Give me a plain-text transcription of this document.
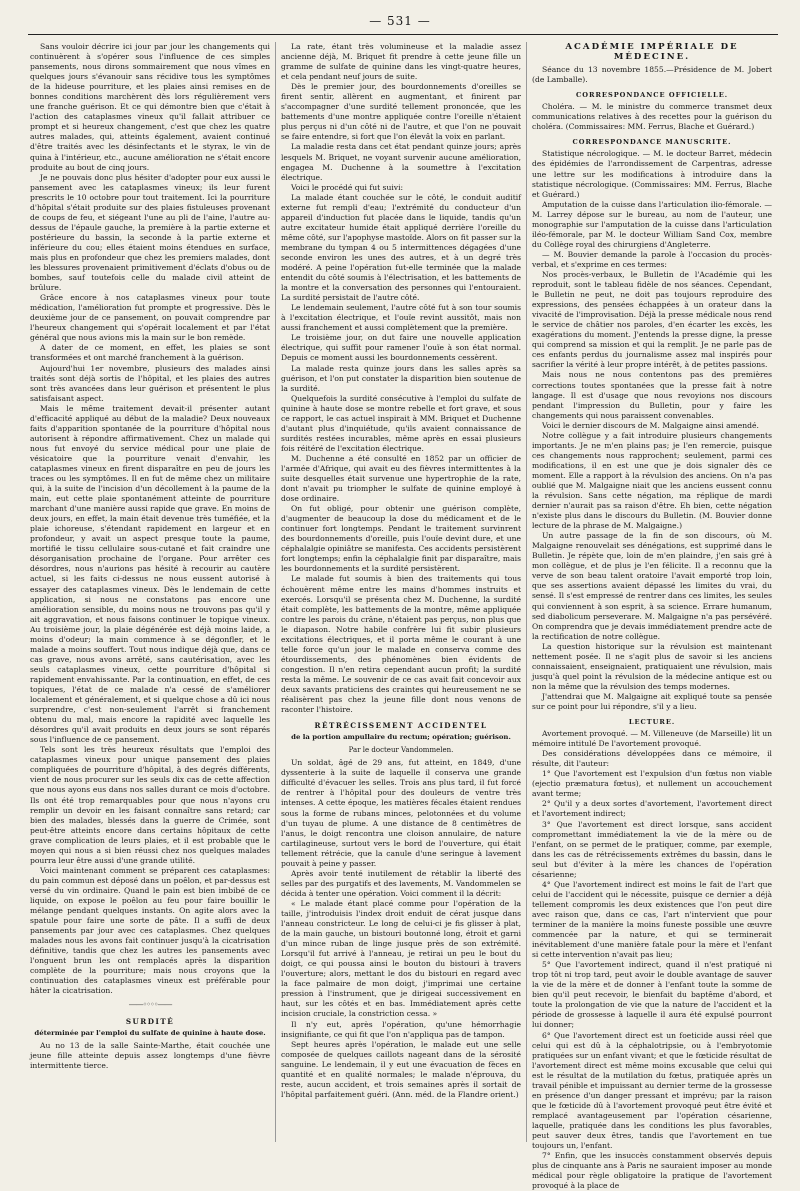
— 531 —

Sans vouloir décrire ici jour par jour les changements qui continuèrent à s'opérer sous l'influence de ces simples pansements, nous dirons sommairement que nous vîmes en quelques jours s'évanouir sans récidive tous les symptômes de la hideuse pourriture, et les plaies ainsi remises en de bonnes conditions marchèrent dès lors régulièrement vers une franche guérison. Et ce qui démontre bien que c'était à l'action des cataplasmes vineux qu'il fallait attribuer ce prompt et si heureux changement, c'est que chez les quatre autres malades, qui, atteints également, avaient continué d'être traités avec les désinfectants et le styrax, le vin de quina à l'intérieur, etc., aucune amélioration ne s'était encore produite au bout de cinq jours.

Je ne pouvais donc plus hésiter d'adopter pour eux aussi le pansement avec les cataplasmes vineux; ils leur furent prescrits le 10 octobre pour tout traitement. Ici la pourriture d'hôpital s'était produite sur des plaies fistuleuses provenant de coups de feu, et siégeant l'une au pli de l'aine, l'autre au-dessus de l'épaule gauche, la première à la partie externe et postérieure du bassin, la seconde à la partie externe et inférieure du cou; elles étaient moins étendues en surface, mais plus en profondeur que chez les premiers malades, dont les blessures provenaient primitivement d'éclats d'obus ou de bombes, sauf toutefois celle du malade civil atteint de brûlure.

Grâce encore à nos cataplasmes vineux pour toute médication, l'amélioration fut prompte et progressive. Dès le deuxième jour de ce pansement, on pouvait comprendre par l'heureux changement qui s'opérait localement et par l'état général que nous avions mis la main sur le bon remède.

A dater de ce moment, en effet, les plaies se sont transformées et ont marché franchement à la guérison.

Aujourd'hui 1er novembre, plusieurs des malades ainsi traités sont déjà sortis de l'hôpital, et les plaies des autres sont très avancées dans leur guérison et présentent le plus satisfaisant aspect.

Mais le même traitement devait-il présenter autant d'efficacité appliqué au début de la maladie? Deux nouveaux faits d'apparition spontanée de la pourriture d'hôpital nous autorisent à répondre affirmativement. Chez un malade qui nous fut envoyé du service médical pour une plaie de vésicatoire que la pourriture venait d'envahir, les cataplasmes vineux en firent disparaître en peu de jours les traces ou les symptômes. Il en fut de même chez un militaire qui, à la suite de l'incision d'un décollement à la paume de la main, eut cette plaie spontanément atteinte de pourriture marchant d'une manière aussi rapide que grave. En moins de deux jours, en effet, la main était devenue très tuméfiée, et la plaie ichoreuse, s'étendant rapidement en largeur et en profondeur, y avait un aspect presque toute la paume, mortifié le tissu cellulaire sous-cutané et fait craindre une désorganisation prochaine de l'organe. Pour arrêter ces désordres, nous n'aurions pas hésité à recourir au cautère actuel, si les faits ci-dessus ne nous eussent autorisé à essayer des cataplasmes vineux. Dès le lendemain de cette application, si nous ne constatons pas encore une amélioration sensible, du moins nous ne trouvons pas qu'il y ait aggravation, et nous faisons continuer le topique vineux. Au troisième jour, la plaie dégénérée est déjà moins laide, a moins d'odeur; la main commence à se dégonfler, et le malade a moins souffert. Tout nous indique déjà que, dans ce cas grave, nous avons arrêté, sans cautérisation, avec les seuls cataplasmes vineux, cette pourriture d'hôpital si rapidement envahissante. Par la continuation, en effet, de ces topiques, l'état de ce malade n'a cessé de s'améliorer localement et généralement, et si quelque chose a dû ici nous surprendre, c'est non-seulement l'arrêt si franchement obtenu du mal, mais encore la rapidité avec laquelle les désordres qu'il avait produits en deux jours se sont réparés sous l'influence de ce pansement.

Tels sont les très heureux résultats que l'emploi des cataplasmes vineux pour unique pansement des plaies compliquées de pourriture d'hôpital, à des degrés différents, vient de nous procurer sur les seuls dix cas de cette affection que nous ayons eus dans nos salles durant ce mois d'octobre. Ils ont été trop remarquables pour que nous n'ayons cru remplir un devoir en les faisant connaître sans retard; car bien des malades, blessés dans la guerre de Crimée, sont peut-être atteints encore dans certains hôpitaux de cette grave complication de leurs plaies, et il est probable que le moyen qui nous a si bien réussi chez nos quelques malades pourra leur être aussi d'une grande utilité.

Voici maintenant comment se préparent ces cataplasmes: du pain commun est déposé dans un poêlon, et par-dessus est versé du vin ordinaire. Quand le pain est bien imbibé de ce liquide, on expose le poêlon au feu pour faire bouillir le mélange pendant quelques instants. On agite alors avec la spatule pour faire une sorte de pâte. Il a suffi de deux pansements par jour avec ces cataplasmes. Chez quelques malades nous les avons fait continuer jusqu'à la cicatrisation définitive, tandis que chez les autres les pansements avec l'onguent brun les ont remplacés après la disparition complète de la pourriture; mais nous croyons que la continuation des cataplasmes vineux est préférable pour hâter la cicatrisation.

——◦◦◦◦——
SURDITÉ
déterminée par l'emploi du sulfate de quinine à haute dose.

Au no 13 de la salle Sainte-Marthe, était couchée une jeune fille atteinte depuis assez longtemps d'une fièvre intermittente tierce.

La rate, étant très volumineuse et la maladie assez ancienne déjà, M. Briquet fit prendre à cette jeune fille un gramme de sulfate de quinine dans les vingt-quatre heures, et cela pendant neuf jours de suite.

Dès le premier jour, des bourdonnements d'oreilles se firent sentir, allèrent en augmentant, et finirent par s'accompagner d'une surdité tellement prononcée, que les battements d'une montre appliquée contre l'oreille n'étaient plus perçus ni d'un côté ni de l'autre, et que l'on ne pouvait se faire entendre, si fort que l'on élevât la voix en parlant.

La maladie resta dans cet état pendant quinze jours; après lesquels M. Briquet, ne voyant survenir aucune amélioration, engagea M. Duchenne à la soumettre à l'excitation électrique.

Voici le procédé qui fut suivi:

La malade étant couchée sur le côté, le conduit auditif externe fut rempli d'eau; l'extrémité du conducteur d'un appareil d'induction fut placée dans le liquide, tandis qu'un autre excitateur humide était appliqué derrière l'oreille du même côté, sur l'apophyse mastoïde. Alors on fit passer sur la membrane du tympan 4 ou 5 intermittences dégagées d'une seconde environ les unes des autres, et à un degré très modéré. A peine l'opération fut-elle terminée que la malade entendit du côté soumis à l'électrisation, et les battements de la montre et la conversation des personnes qui l'entouraient. La surdité persistait de l'autre côté.

Le lendemain seulement, l'autre côté fut à son tour soumis à l'excitation électrique, et l'ouïe revint aussitôt, mais non aussi franchement et aussi complètement que la première.

Le troisième jour, on dut faire une nouvelle application électrique, qui suffit pour ramener l'ouïe à son état normal. Depuis ce moment aussi les bourdonnements cessèrent.

La malade resta quinze jours dans les salles après sa guérison, et l'on put constater la disparition bien soutenue de la surdité.

Quelquefois la surdité consécutive à l'emploi du sulfate de quinine à haute dose se montre rebelle et fort grave, et sous ce rapport, le cas actuel inspirait à MM. Briquet et Duchenne d'autant plus d'inquiétude, qu'ils avaient connaissance de surdités restées incurables, même après en essai plusieurs fois réitéré de l'excitation électrique.

M. Duchenne a été consulté en 1852 par un officier de l'armée d'Afrique, qui avait eu des fièvres intermittentes à la suite desquelles était survenue une hypertrophie de la rate, dont n'avait pu triompher le sulfate de quinine employé à dose ordinaire.

On fut obligé, pour obtenir une guérison complète, d'augmenter de beaucoup la dose du médicament et de le continuer fort longtemps. Pendant le traitement survinrent des bourdonnements d'oreille, puis l'ouïe devint dure, et une céphalalgie opiniâtre se manifesta. Ces accidents persistèrent fort longtemps; enfin la céphalalgie finit par disparaître, mais les bourdonnements et la surdité persistèrent.

Le malade fut soumis à bien des traitements qui tous échouèrent même entre les mains d'hommes instruits et exercés. Lorsqu'il se présenta chez M. Duchenne, la surdité était complète, les battements de la montre, même appliquée contre les parois du crâne, n'étaient pas perçus, non plus que le diapason. Notre habile confrère lui fit subir plusieurs excitations électriques, et il porta même le courant à une telle force qu'un jour le malade en conserva comme des étourdissements, des phénomènes bien évidents de congestion. Il n'en retira cependant aucun profit; la surdité resta la même. Le souvenir de ce cas avait fait concevoir aux deux savants praticiens des craintes qui heureusement ne se réalisèrent pas chez la jeune fille dont nous venons de raconter l'histoire.

RÉTRÉCISSEMENT ACCIDENTEL
de la portion ampullaire du rectum; opération; guérison.
Par le docteur Vandommelen.

Un soldat, âgé de 29 ans, fut atteint, en 1849, d'une dyssenterie à la suite de laquelle il conserva une grande difficulté d'évacuer les selles. Trois ans plus tard, il fut forcé de rentrer à l'hôpital pour des douleurs de ventre très intenses. A cette époque, les matières fécales étaient rendues sous la forme de rubans minces, pelotonnées et du volume d'un tuyau de plume. A une distance de 8 centimètres de l'anus, le doigt rencontra une cloison annulaire, de nature cartilagineuse, surtout vers le bord de l'ouverture, qui était tellement rétrécie, que la canule d'une seringue à lavement pouvait à peine y passer.

Après avoir tenté inutilement de rétablir la liberté des selles par des purgatifs et des lavements, M. Vandommelen se décida à tenter une opération. Voici comment il la décrit:

« Le malade étant placé comme pour l'opération de la taille, j'introduisis l'index droit enduit de cérat jusque dans l'anneau constricteur. Le long de celui-ci je fis glisser à plat, de la main gauche, un bistouri boutonné long, étroit et garni d'un mince ruban de linge jusque près de son extrémité. Lorsqu'il fut arrivé à l'anneau, je retirai un peu le bout du doigt, ce qui poussa ainsi le bouton du bistouri à travers l'ouverture; alors, mettant le dos du bistouri en regard avec la face palmaire de mon doigt, j'imprimai une certaine pression à l'instrument, que je dirigeai successivement en haut, sur les côtés et en bas. Immédiatement après cette incision cruciale, la constriction cessa. »

Il n'y eut, après l'opération, qu'une hémorrhagie insignifiante, ce qui fit que l'on n'appliqua pas de tampon.

Sept heures après l'opération, le malade eut une selle composée de quelques caillots nageant dans de la sérosité sanguine. Le lendemain, il y eut une évacuation de fèces en quantité et en qualité normales; le malade n'éprouva, du reste, aucun accident, et trois semaines après il sortait de l'hôpital parfaitement guéri. (Ann. méd. de la Flandre orient.)

ACADÉMIE IMPÉRIALE DE MÉDECINE.

Séance du 13 novembre 1855.—Présidence de M. Jobert (de Lamballe).

CORRESPONDANCE OFFICIELLE.

Choléra. — M. le ministre du commerce transmet deux communications relatives à des recettes pour la guérison du choléra. (Commissaires: MM. Ferrus, Blache et Guérard.)

CORRESPONDANCE MANUSCRITE.

Statistique nécrologique. — M. le docteur Barret, médecin des épidémies de l'arrondissement de Carpentras, adresse une lettre sur les modifications à introduire dans la statistique nécrologique. (Commissaires: MM. Ferrus, Blache et Guérard.)

Amputation de la cuisse dans l'articulation ilio-fémorale. — M. Larrey dépose sur le bureau, au nom de l'auteur, une monographie sur l'amputation de la cuisse dans l'articulation iléo-fémorale, par M. le docteur William Sand Cox, membre du Collège royal des chirurgiens d'Angleterre.

— M. Bouvier demande la parole à l'occasion du procès-verbal, et s'exprime en ces termes:

Nos procès-verbaux, le Bulletin de l'Académie qui les reproduit, sont le tableau fidèle de nos séances. Cependant, le Bulletin ne peut, ne doit pas toujours reproduire des expressions, des pensées échappées à un orateur dans la vivacité de l'improvisation. Déjà la presse médicale nous rend le service de châtier nos paroles, d'en écarter les excès, les exagérations du moment. J'entends la presse digne, la presse qui comprend sa mission et qui la remplit. Je ne parle pas de ces enfants perdus du journalisme assez mal inspirés pour sacrifier la vérité à leur propre intérêt, à de petites passions.

Mais nous ne nous contentons pas des premières corrections toutes spontanées que la presse fait à notre langage. Il est d'usage que nous revoyions nos discours pendant l'impression du Bulletin, pour y faire les changements qui nous paraissent convenables.

Voici le dernier discours de M. Malgaigne ainsi amendé.

Notre collègue y a fait introduire plusieurs changements importants. Je ne m'en plains pas; je l'en remercie, puisque ces changements nous rapprochent; seulement, parmi ces modifications, il en est une que je dois signaler dès ce moment. Elle a rapport à la révulsion des anciens. On n'a pas oublié que M. Malgaigne niait que les anciens eussent connu la révulsion. Sans cette négation, ma réplique de mardi dernier n'aurait pas sa raison d'être. Eh bien, cette négation n'existe plus dans le discours du Bulletin. (M. Bouvier donne lecture de la phrase de M. Malgaigne.)

Un autre passage de la fin de son discours, où M. Malgaigne renouvelait ses dénégations, est supprimé dans le Bulletin. Je répète que, loin de m'en plaindre, j'en sais gré à mon collègue, et de plus je l'en félicite. Il a reconnu que la verve de son beau talent oratoire l'avait emporté trop loin, que ses assertions avaient dépassé les limites du vrai, du sensé. Il s'est empressé de rentrer dans ces limites, les seules qui conviennent à son esprit, à sa science. Errare humanum, sed diabolicum perseverare. M. Malgaigne n'a pas persévéré. On comprendra que je devais immédiatement prendre acte de la rectification de notre collègue.

La question historique sur la révulsion est maintenant nettement posée. Il ne s'agit plus de savoir si les anciens connaissaient, enseignaient, pratiquaient une révulsion, mais jusqu'à quel point la révulsion de la médecine antique est ou non la même que la révulsion des temps modernes.

J'attendrai que M. Malgaigne ait expliqué toute sa pensée sur ce point pour lui répondre, s'il y a lieu.

LECTURE.

Avortement provoqué. — M. Villeneuve (de Marseille) lit un mémoire intitulé De l'avortement provoqué.

Des considérations développées dans ce mémoire, il résulte, dit l'auteur:

1° Que l'avortement est l'expulsion d'un fœtus non viable (ejectio præmatura fœtus), et nullement un accouchement avant terme;

2° Qu'il y a deux sortes d'avortement, l'avortement direct et l'avortement indirect;

3° Que l'avortement est direct lorsque, sans accident compromettant immédiatement la vie de la mère ou de l'enfant, on se permet de le pratiquer, comme, par exemple, dans les cas de rétrécissements extrêmes du bassin, dans le seul but d'éviter à la mère les chances de l'opération césarienne;

4° Que l'avortement indirect est moins le fait de l'art que celui de l'accident qui le nécessite, puisque ce dernier a déjà tellement compromis les deux existences que l'on peut dire avec raison que, dans ce cas, l'art n'intervient que pour terminer de la manière la moins funeste possible une œuvre commencée par la nature, et qui se terminerait inévitablement d'une manière fatale pour la mère et l'enfant si cette intervention n'avait pas lieu;

5° Que l'avortement indirect, quand il n'est pratiqué ni trop tôt ni trop tard, peut avoir le double avantage de sauver la vie de la mère et de donner à l'enfant toute la somme de bien qu'il peut recevoir, le bienfait du baptême d'abord, et toute la prolongation de vie que la nature de l'accident et la période de grossesse à laquelle il aura été expulsé pourront lui donner;

6° Que l'avortement direct est un foeticide aussi réel que celui qui est dû à la céphalotripsie, ou à l'embryotomie pratiquées sur un enfant vivant; et que le fœticide résultat de l'avortement direct est même moins excusable que celui qui est le résultat de la mutilation du fœtus, pratiquée après un travail pénible et impuissant au dernier terme de la grossesse en présence d'un danger pressant et imprévu; par la raison que le fœticide dû à l'avortement provoqué peut être évité et remplacé avantageusement par l'opération césarienne, laquelle, pratiquée dans les conditions les plus favorables, peut sauver deux êtres, tandis que l'avortement en tue toujours un, l'enfant.

7° Enfin, que les insuccès constamment observés depuis plus de cinquante ans à Paris ne sauraient imposer au monde médical pour règle obligatoire la pratique de l'avortement provoqué à la place de
